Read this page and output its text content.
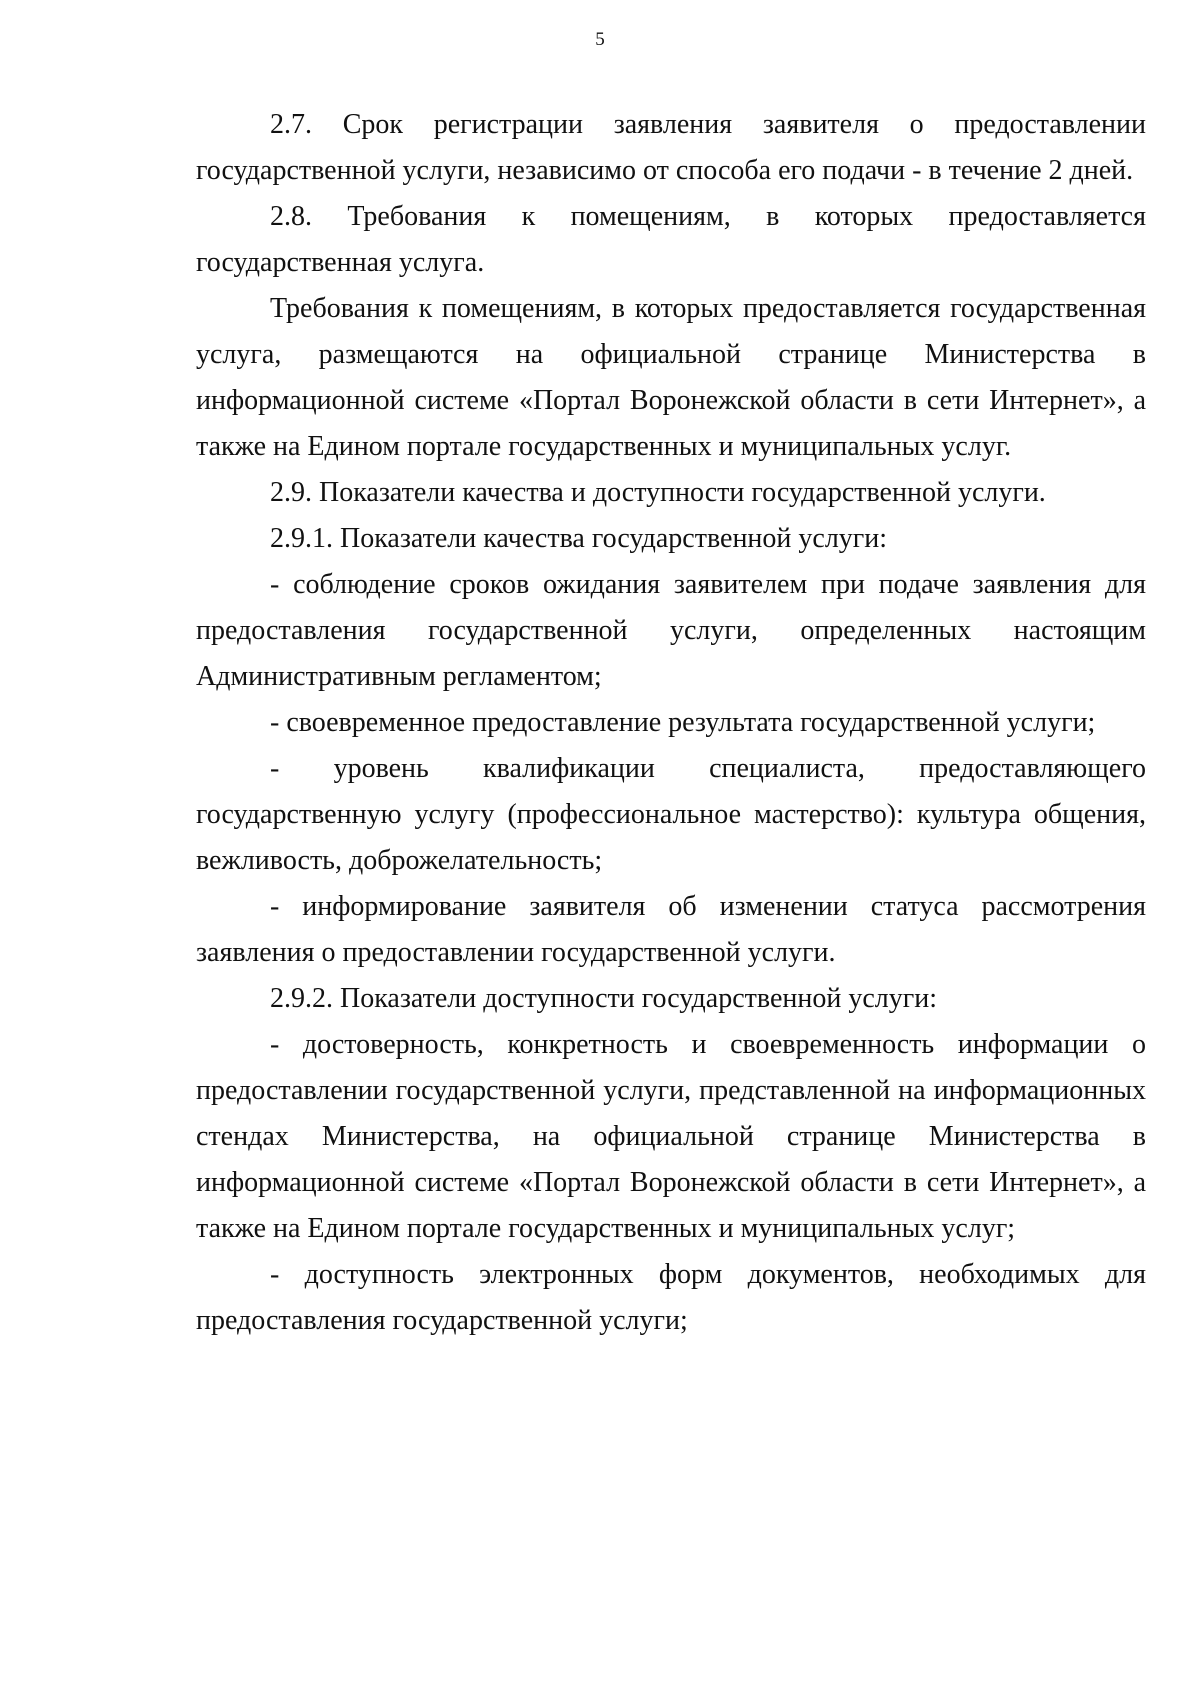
5

2.7. Срок регистрации заявления заявителя о предоставлении государственной услуги, независимо от способа его подачи - в течение 2 дней.

2.8. Требования к помещениям, в которых предоставляется государственная услуга.

Требования к помещениям, в которых предоставляется государственная услуга, размещаются на официальной странице Министерства в информационной системе «Портал Воронежской области в сети Интернет», а также на Едином портале государственных и муниципальных услуг.

2.9. Показатели качества и доступности государственной услуги.

2.9.1. Показатели качества государственной услуги:

- соблюдение сроков ожидания заявителем при подаче заявления для предоставления государственной услуги, определенных настоящим Административным регламентом;

- своевременное предоставление результата государственной услуги;

- уровень квалификации специалиста, предоставляющего государственную услугу (профессиональное мастерство): культура общения, вежливость, доброжелательность;

- информирование заявителя об изменении статуса рассмотрения заявления о предоставлении государственной услуги.

2.9.2. Показатели доступности государственной услуги:

- достоверность, конкретность и своевременность информации о предоставлении государственной услуги, представленной на информационных стендах Министерства, на официальной странице Министерства в информационной системе «Портал Воронежской области в сети Интернет», а также на Едином портале государственных и муниципальных услуг;

- доступность электронных форм документов, необходимых для предоставления государственной услуги;
